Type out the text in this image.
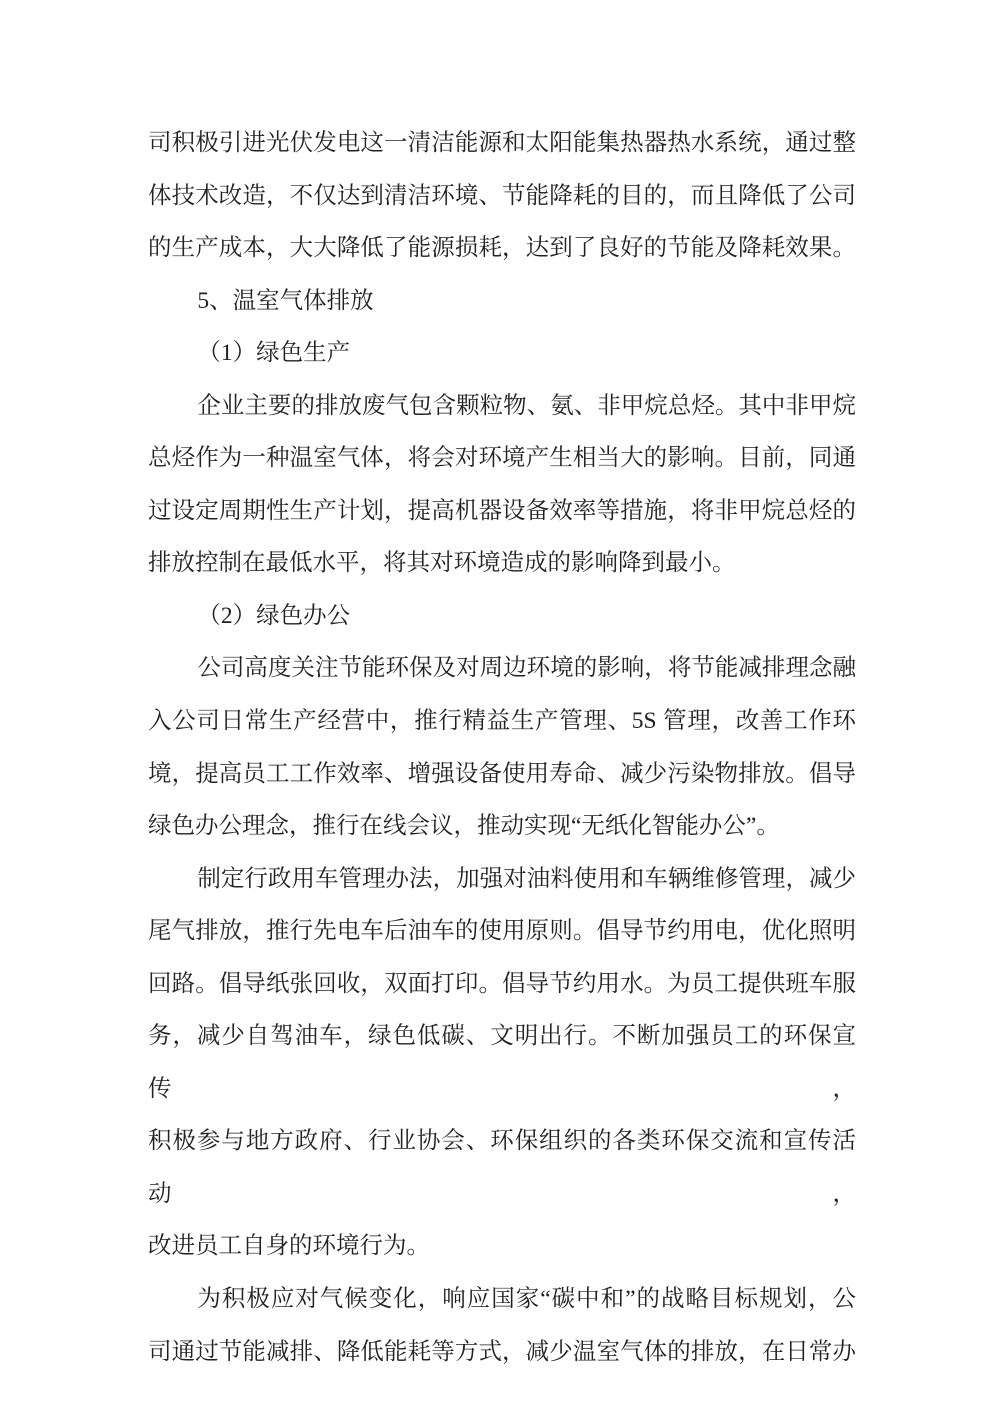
司积极引进光伏发电这一清洁能源和太阳能集热器热水系统，通过整
体技术改造，不仅达到清洁环境、节能降耗的目的，而且降低了公司
的生产成本，大大降低了能源损耗，达到了良好的节能及降耗效果。
5、温室气体排放
（1）绿色生产
企业主要的排放废气包含颗粒物、氨、非甲烷总烃。其中非甲烷
总烃作为一种温室气体，将会对环境产生相当大的影响。目前，同通
过设定周期性生产计划，提高机器设备效率等措施，将非甲烷总烃的
排放控制在最低水平，将其对环境造成的影响降到最小。
（2）绿色办公
公司高度关注节能环保及对周边环境的影响，将节能减排理念融
入公司日常生产经营中，推行精益生产管理、5S 管理，改善工作环
境，提高员工工作效率、增强设备使用寿命、减少污染物排放。倡导
绿色办公理念，推行在线会议，推动实现“无纸化智能办公”。
制定行政用车管理办法，加强对油料使用和车辆维修管理，减少
尾气排放，推行先电车后油车的使用原则。倡导节约用电，优化照明
回路。倡导纸张回收，双面打印。倡导节约用水。为员工提供班车服
务，减少自驾油车，绿色低碳、文明出行。不断加强员工的环保宣传，
积极参与地方政府、行业协会、环保组织的各类环保交流和宣传活动，
改进员工自身的环境行为。
为积极应对气候变化，响应国家“碳中和”的战略目标规划，公
司通过节能减排、降低能耗等方式，减少温室气体的排放，在日常办
